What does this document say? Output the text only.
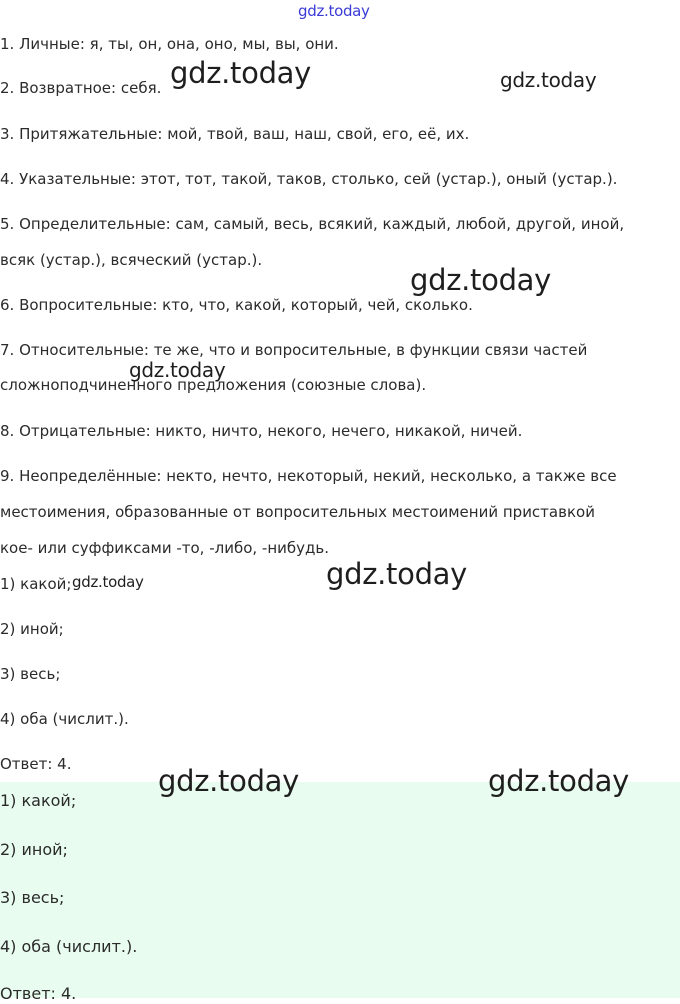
gdz.today
1. Личные: я, ты, он, она, оно, мы, вы, они.
2. Возвратное: себя.
3. Притяжательные: мой, твой, ваш, наш, свой, его, её, их.
4. Указательные: этот, тот, такой, таков, столько, сей (устар.), оный (устар.).
5. Определительные: сам, самый, весь, всякий, каждый, любой, другой, иной,
всяк (устар.), всяческий (устар.).
6. Вопросительные: кто, что, какой, который, чей, сколько.
7. Относительные: те же, что и вопросительные, в функции связи частей
сложноподчиненного предложения (союзные слова).
8. Отрицательные: никто, ничто, некого, нечего, никакой, ничей.
9. Неопределённые: некто, нечто, некоторый, некий, несколько, а также все
местоимения, образованные от вопросительных местоимений приставкой
кое- или суффиксами -то, -либо, -нибудь.
1) какой;
2) иной;
3) весь;
4) оба (числит.).
Ответ: 4.
1) какой;
2) иной;
3) весь;
4) оба (числит.).
Ответ: 4.
gdz.today	gdz.today
gdz.today
gdz.today
gdz.today
gdz.today
gdz.today	gdz.today
